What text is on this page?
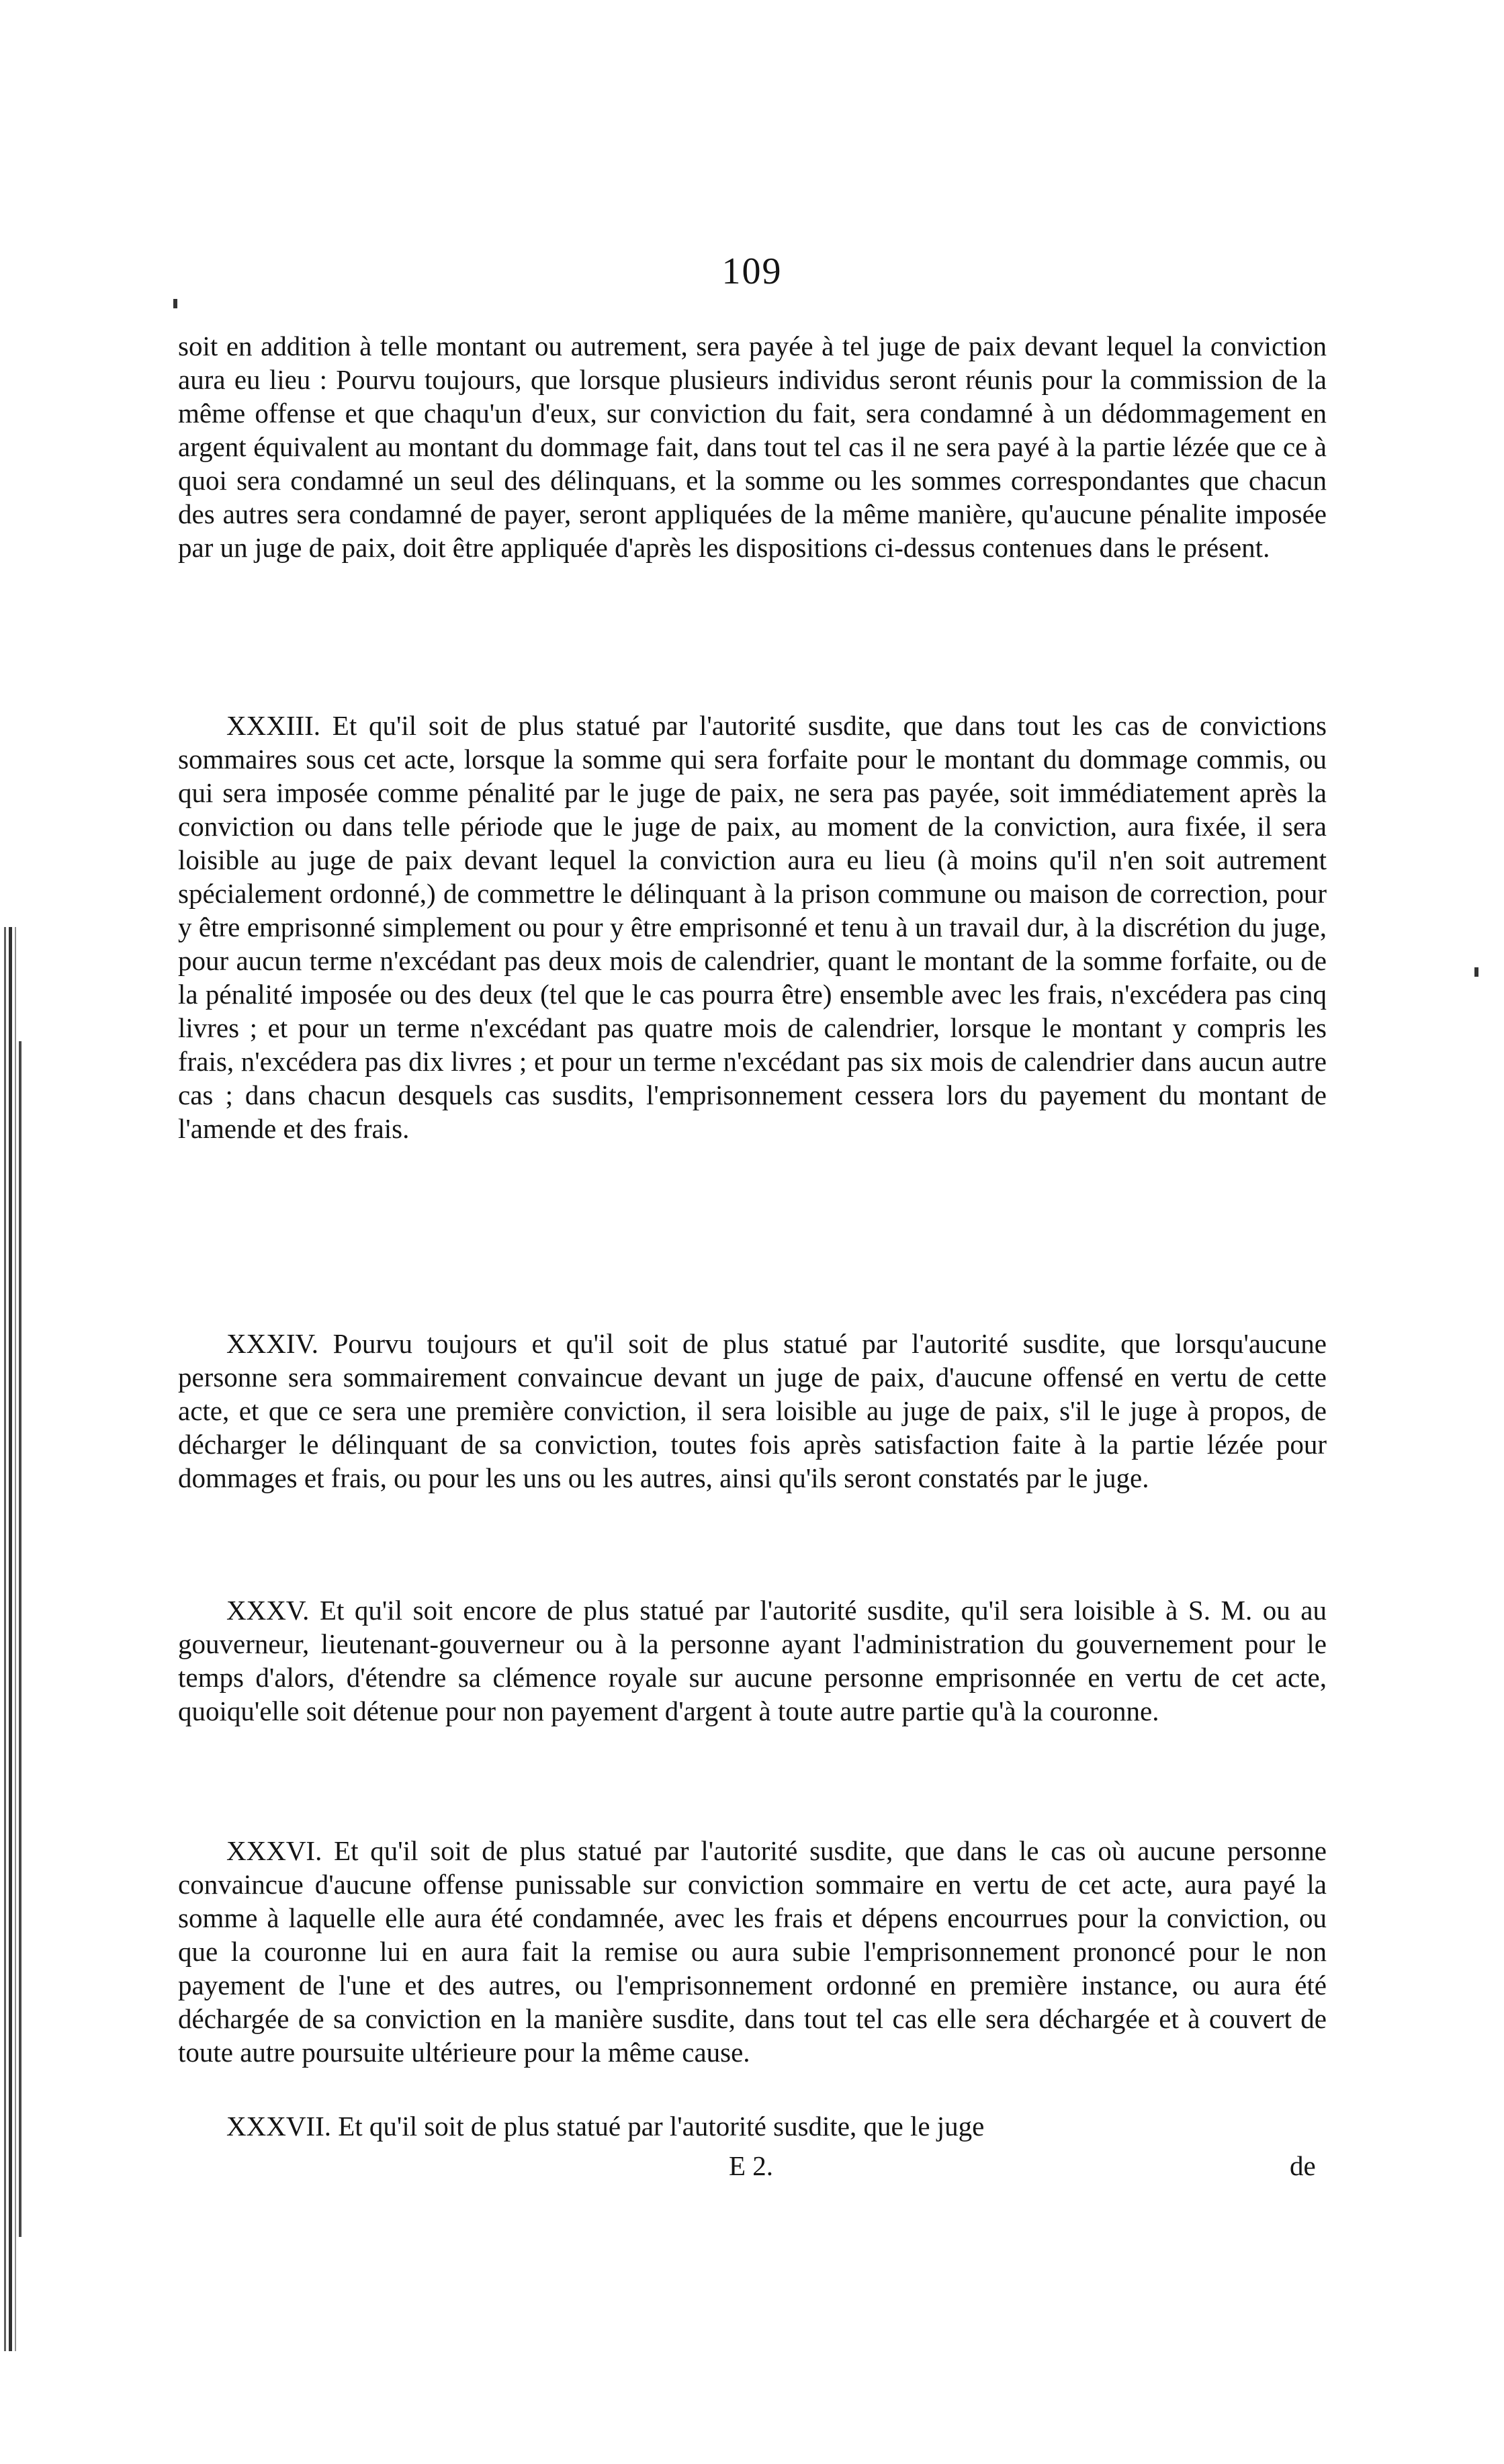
109

soit en addition à telle montant ou autrement, sera payée à tel juge de paix devant lequel la conviction aura eu lieu : Pourvu toujours, que lorsque plusieurs individus seront réunis pour la commission de la même offense et que chaqu'un d'eux, sur conviction du fait, sera condamné à un dédommagement en argent équivalent au montant du dommage fait, dans tout tel cas il ne sera payé à la partie lézée que ce à quoi sera condamné un seul des délinquans, et la somme ou les sommes correspondantes que chacun des autres sera condamné de payer, seront appliquées de la même manière, qu'aucune pénalite imposée par un juge de paix, doit être appliquée d'après les dispositions ci-dessus contenues dans le présent.

XXXIII. Et qu'il soit de plus statué par l'autorité susdite, que dans tout les cas de convictions sommaires sous cet acte, lorsque la somme qui sera forfaite pour le montant du dommage commis, ou qui sera imposée comme pénalité par le juge de paix, ne sera pas payée, soit immédiatement après la conviction ou dans telle période que le juge de paix, au moment de la conviction, aura fixée, il sera loisible au juge de paix devant lequel la conviction aura eu lieu (à moins qu'il n'en soit autrement spécialement ordonné,) de commettre le délinquant à la prison commune ou maison de correction, pour y être emprisonné simplement ou pour y être emprisonné et tenu à un travail dur, à la discrétion du juge, pour aucun terme n'excédant pas deux mois de calendrier, quant le montant de la somme forfaite, ou de la pénalité imposée ou des deux (tel que le cas pourra être) ensemble avec les frais, n'excédera pas cinq livres ; et pour un terme n'excédant pas quatre mois de calendrier, lorsque le montant y compris les frais, n'excédera pas dix livres ; et pour un terme n'excédant pas six mois de calendrier dans aucun autre cas ; dans chacun desquels cas susdits, l'emprisonnement cessera lors du payement du montant de l'amende et des frais.

XXXIV. Pourvu toujours et qu'il soit de plus statué par l'autorité susdite, que lorsqu'aucune personne sera sommairement convaincue devant un juge de paix, d'aucune offensé en vertu de cette acte, et que ce sera une première conviction, il sera loisible au juge de paix, s'il le juge à propos, de décharger le délinquant de sa conviction, toutes fois après satisfaction faite à la partie lézée pour dommages et frais, ou pour les uns ou les autres, ainsi qu'ils seront constatés par le juge.

XXXV. Et qu'il soit encore de plus statué par l'autorité susdite, qu'il sera loisible à S. M. ou au gouverneur, lieutenant-gouverneur ou à la personne ayant l'administration du gouvernement pour le temps d'alors, d'étendre sa clémence royale sur aucune personne emprisonnée en vertu de cet acte, quoiqu'elle soit détenue pour non payement d'argent à toute autre partie qu'à la couronne.

XXXVI. Et qu'il soit de plus statué par l'autorité susdite, que dans le cas où aucune personne convaincue d'aucune offense punissable sur conviction sommaire en vertu de cet acte, aura payé la somme à laquelle elle aura été condamnée, avec les frais et dépens encourrues pour la conviction, ou que la couronne lui en aura fait la remise ou aura subie l'emprisonnement prononcé pour le non payement de l'une et des autres, ou l'emprisonnement ordonné en première instance, ou aura été déchargée de sa conviction en la manière susdite, dans tout tel cas elle sera déchargée et à couvert de toute autre poursuite ultérieure pour la même cause.

XXXVII. Et qu'il soit de plus statué par l'autorité susdite, que le juge

E 2.	de
